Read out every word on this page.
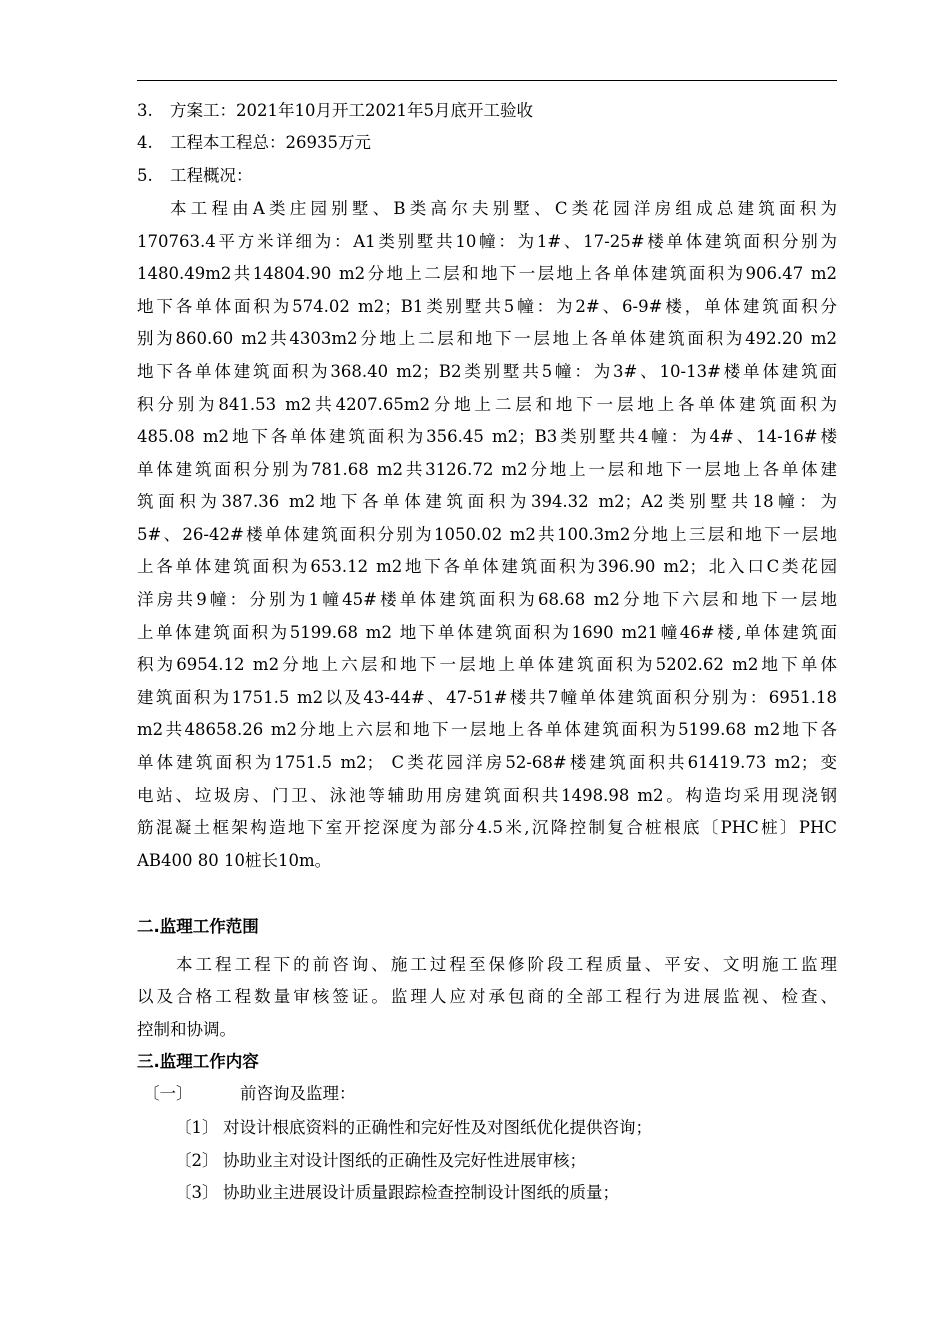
3. 方案工：2021年10月开工2021年5月底开工验收
4. 工程本工程总：26935万元
5. 工程概况：
本工程由A类庄园别墅、B类高尔夫别墅、C类花园洋房组成总建筑面积为
170763.4平方米详细为：A1类别墅共10幢：为1#、17-25#楼单体建筑面积分别为
1480.49m2共14804.90 m2分地上二层和地下一层地上各单体建筑面积为906.47 m2
地下各单体面积为574.02 m2；B1类别墅共5幢：为2#、6-9#楼，单体建筑面积分
别为860.60 m2共4303m2分地上二层和地下一层地上各单体建筑面积为492.20 m2
地下各单体建筑面积为368.40 m2；B2类别墅共5幢：为3#、10-13#楼单体建筑面
积分别为841.53 m2共4207.65m2分地上二层和地下一层地上各单体建筑面积为
485.08 m2地下各单体建筑面积为356.45 m2；B3类别墅共4幢：为4#、14-16#楼
单体建筑面积分别为781.68 m2共3126.72 m2分地上一层和地下一层地上各单体建
筑面积为387.36 m2地下各单体建筑面积为394.32 m2；A2类别墅共18幢：为
5#、26-42#楼单体建筑面积分别为1050.02 m2共100.3m2分地上三层和地下一层地
上各单体建筑面积为653.12 m2地下各单体建筑面积为396.90 m2；北入口C类花园
洋房共9幢：分别为1幢45#楼单体建筑面积为68.68 m2分地下六层和地下一层地
上单体建筑面积为5199.68 m2 地下单体建筑面积为1690 m21幢46#楼,单体建筑面
积为6954.12 m2分地上六层和地下一层地上单体建筑面积为5202.62 m2地下单体
建筑面积为1751.5 m2以及43-44#、47-51#楼共7幢单体建筑面积分别为：6951.18
m2共48658.26 m2分地上六层和地下一层地上各单体建筑面积为5199.68 m2地下各
单体建筑面积为1751.5 m2； C类花园洋房52-68#楼建筑面积共61419.73 m2；变
电站、垃圾房、门卫、泳池等辅助用房建筑面积共1498.98 m2。构造均采用现浇钢
筋混凝土框架构造地下室开挖深度为部分4.5米,沉降控制复合桩根底〔PHC桩〕PHC
AB400 80 10桩长10m。
二.监理工作范围
本工程工程下的前咨询、施工过程至保修阶段工程质量、平安、文明施工监理
以及合格工程数量审核签证。监理人应对承包商的全部工程行为进展监视、检查、
控制和协调。
三.监理工作内容
〔一〕	前咨询及监理：
〔1〕 对设计根底资料的正确性和完好性及对图纸优化提供咨询；
〔2〕 协助业主对设计图纸的正确性及完好性进展审核；
〔3〕 协助业主进展设计质量跟踪检查控制设计图纸的质量；
